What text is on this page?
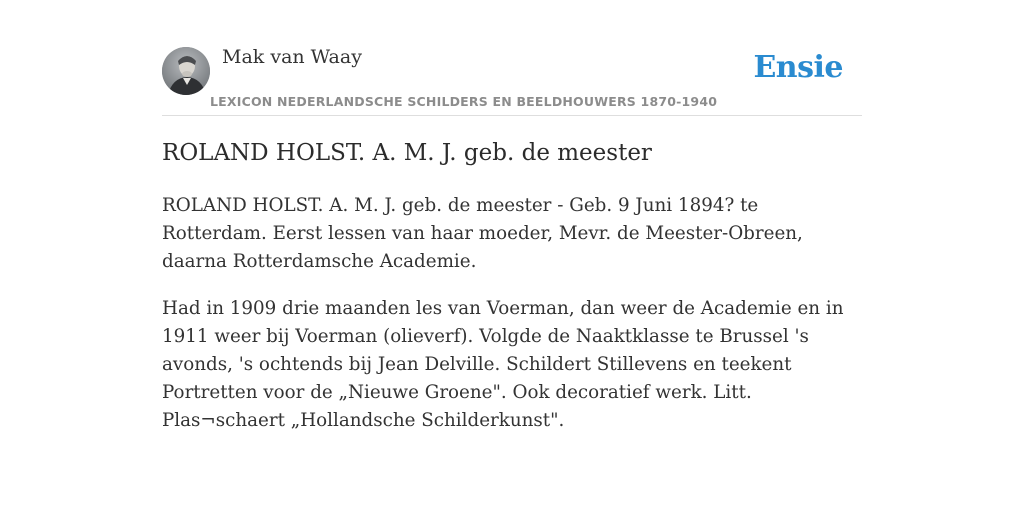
Mak van Waay	Ensie
LEXICON NEDERLANDSCHE SCHILDERS EN BEELDHOUWERS 1870-1940
ROLAND HOLST. A. M. J. geb. de meester

ROLAND HOLST. A. M. J. geb. de meester - Geb. 9 Juni 1894? te Rotterdam. Eerst lessen van haar moeder, Mevr. de Meester-Obreen, daarna Rotterdamsche Academie.

Had in 1909 drie maanden les van Voerman, dan weer de Academie en in 1911 weer bij Voerman (olieverf). Volgde de Naaktklasse te Brussel 's avonds, 's ochtends bij Jean Delville. Schildert Stillevens en teekent Portretten voor de „Nieuwe Groene". Ook decoratief werk. Litt. Plas¬schaert „Hollandsche Schilderkunst".
